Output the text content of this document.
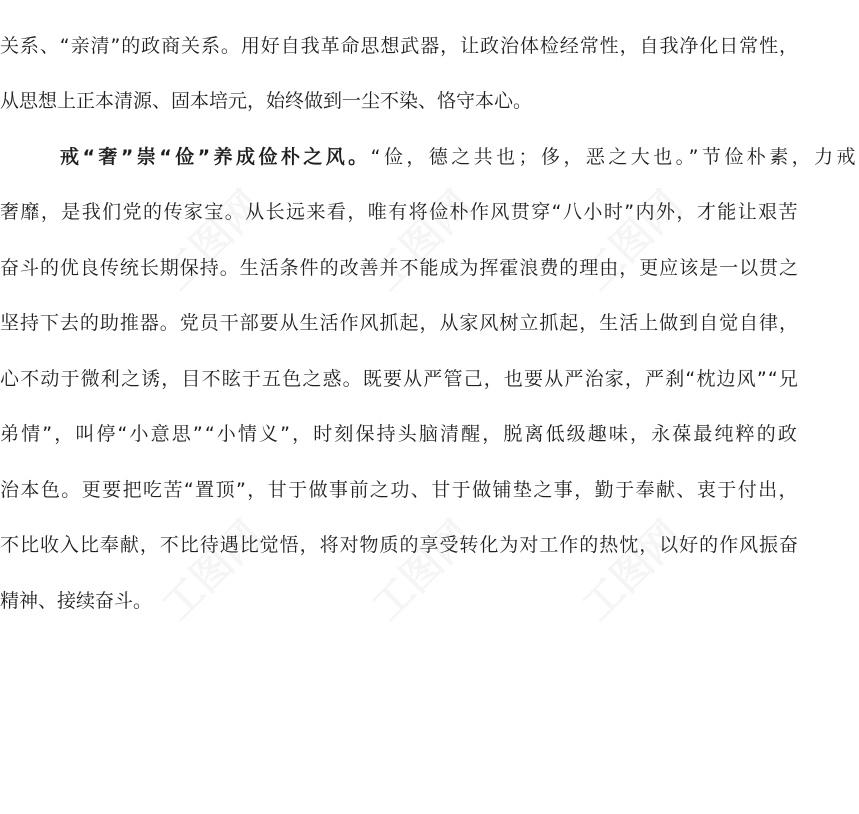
工图网 工图网 工图网
工图网 工图网 工图网
关系、“亲清”的政商关系。用好自我革命思想武器，让政治体检经常性，自我净化日常性，
从思想上正本清源、固本培元，始终做到一尘不染、恪守本心。
戒“奢”崇“俭”养成俭朴之风。“俭，德之共也；侈，恶之大也。”节俭朴素，力戒
奢靡，是我们党的传家宝。从长远来看，唯有将俭朴作风贯穿“八小时”内外，才能让艰苦
奋斗的优良传统长期保持。生活条件的改善并不能成为挥霍浪费的理由，更应该是一以贯之
坚持下去的助推器。党员干部要从生活作风抓起，从家风树立抓起，生活上做到自觉自律，
心不动于微利之诱，目不眩于五色之惑。既要从严管己，也要从严治家，严刹“枕边风”“兄
弟情”，叫停“小意思”“小情义”，时刻保持头脑清醒，脱离低级趣味，永葆最纯粹的政
治本色。更要把吃苦“置顶”，甘于做事前之功、甘于做铺垫之事，勤于奉献、衷于付出，
不比收入比奉献，不比待遇比觉悟，将对物质的享受转化为对工作的热忱，以好的作风振奋
精神、接续奋斗。
